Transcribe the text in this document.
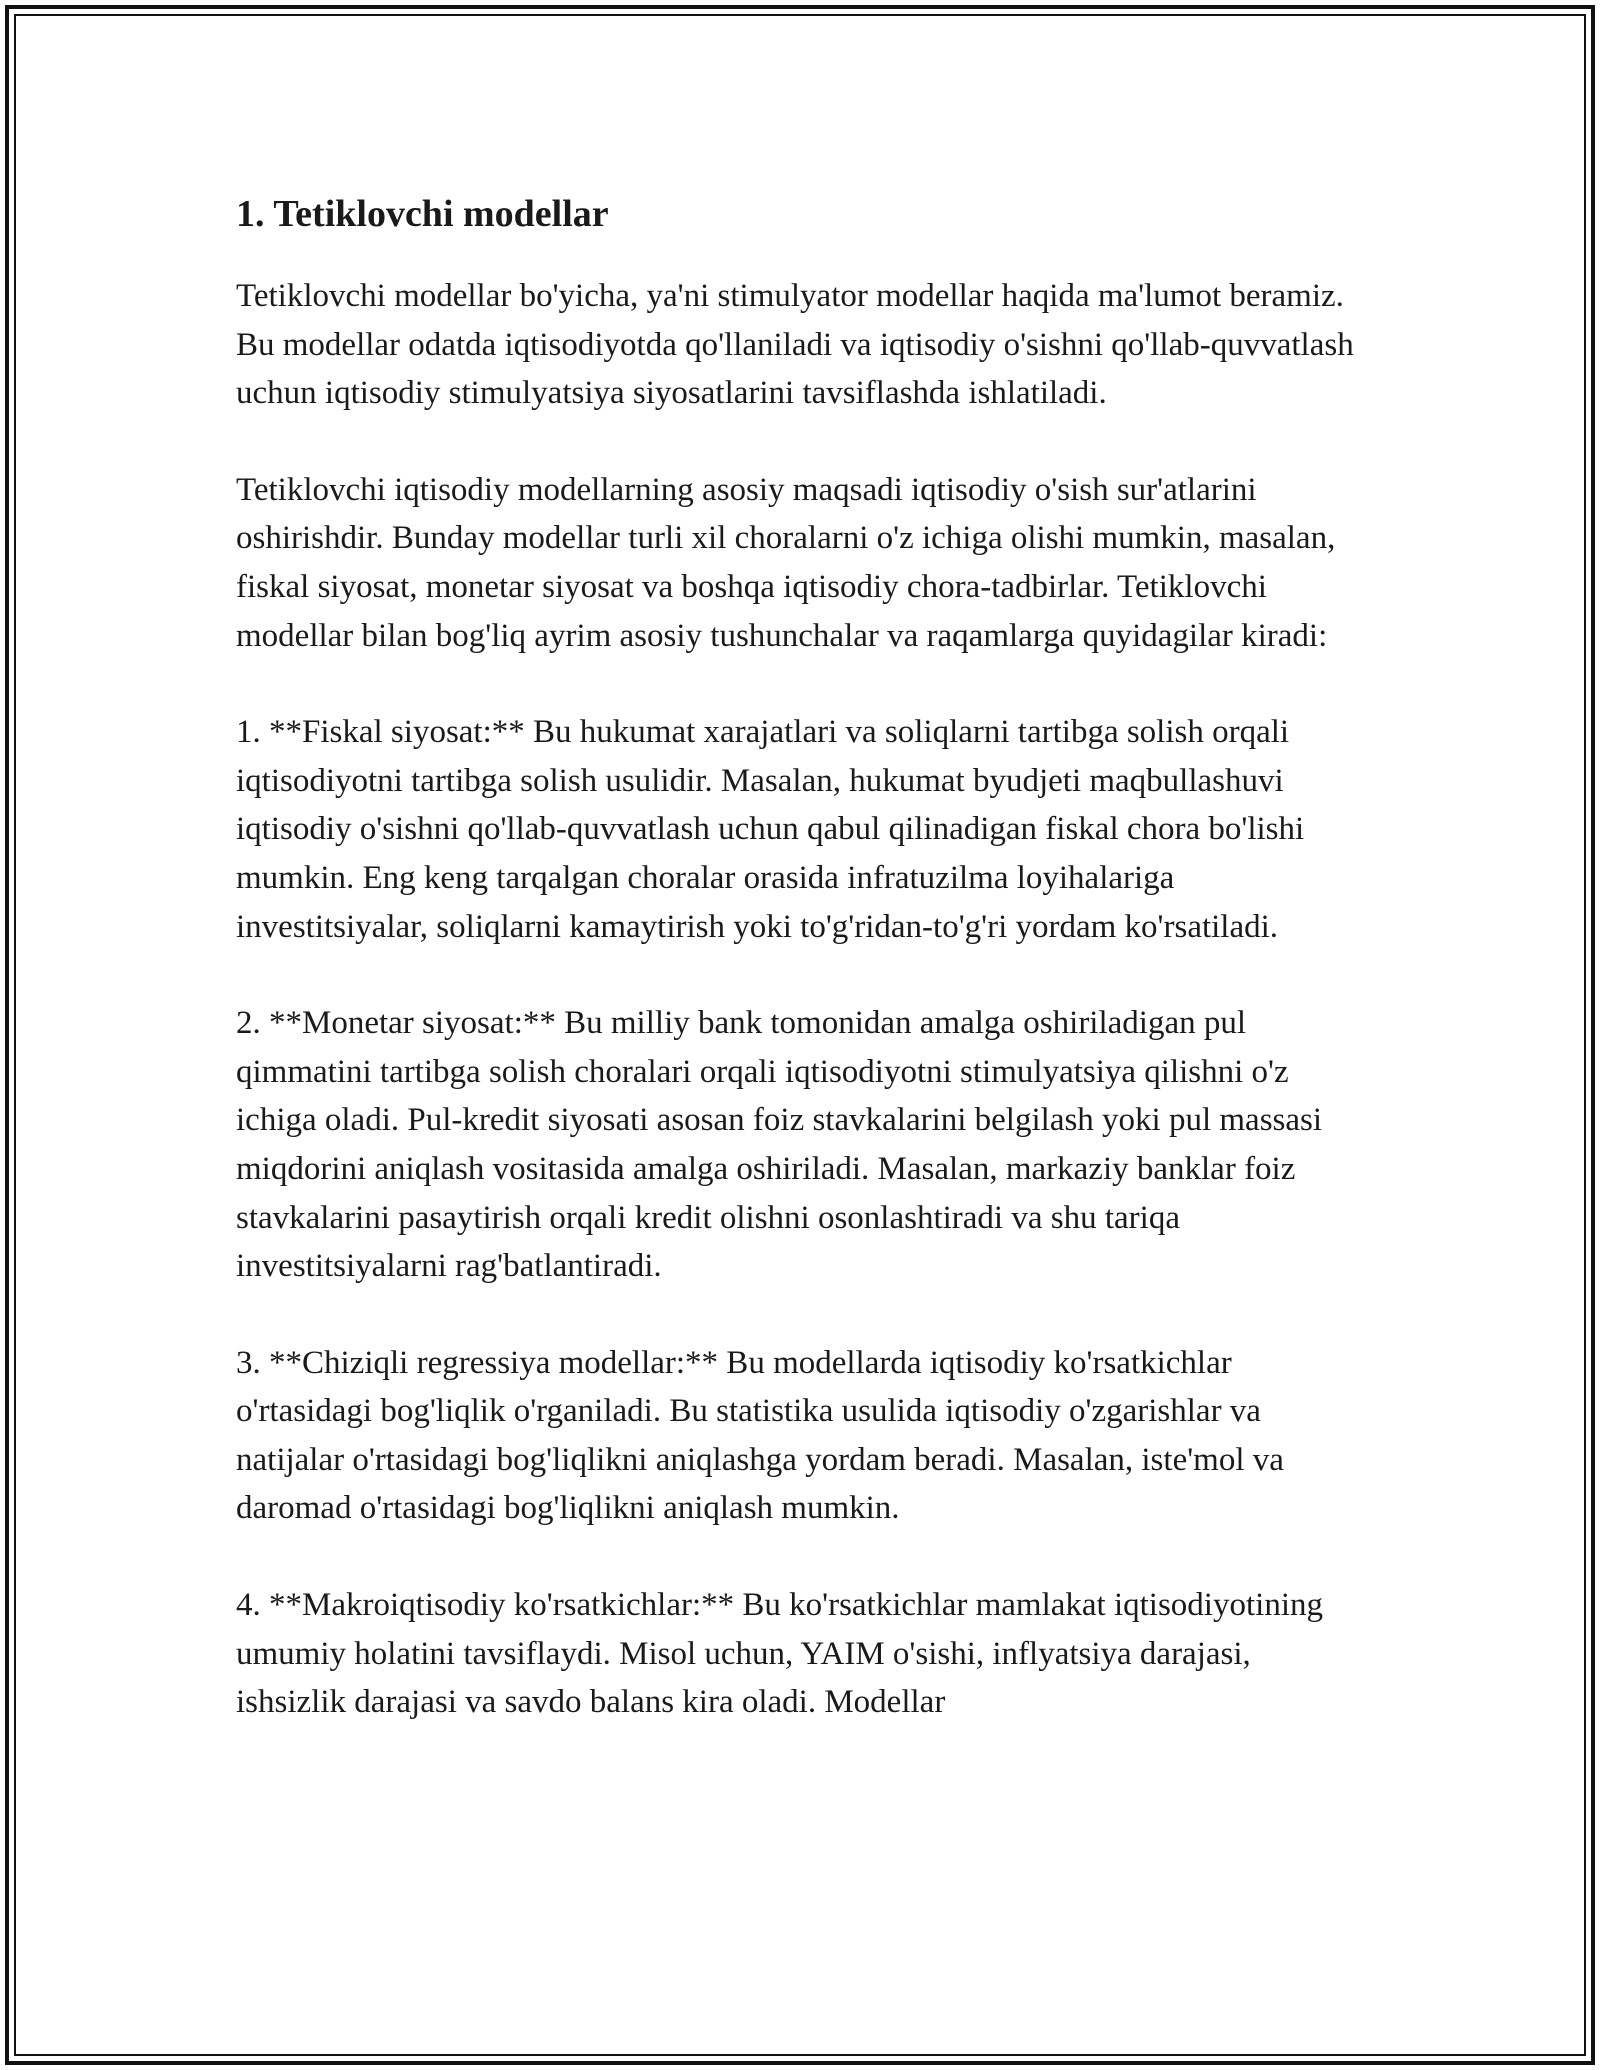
1. Tetiklovchi modellar

Tetiklovchi modellar bo'yicha, ya'ni stimulyator modellar haqida ma'lumot beramiz. Bu modellar odatda iqtisodiyotda qo'llaniladi va iqtisodiy o'sishni qo'llab-quvvatlash uchun iqtisodiy stimulyatsiya siyosatlarini tavsiflashda ishlatiladi.

Tetiklovchi iqtisodiy modellarning asosiy maqsadi iqtisodiy o'sish sur'atlarini oshirishdir. Bunday modellar turli xil choralarni o'z ichiga olishi mumkin, masalan, fiskal siyosat, monetar siyosat va boshqa iqtisodiy chora-tadbirlar. Tetiklovchi modellar bilan bog'liq ayrim asosiy tushunchalar va raqamlarga quyidagilar kiradi:

1. **Fiskal siyosat:** Bu hukumat xarajatlari va soliqlarni tartibga solish orqali iqtisodiyotni tartibga solish usulidir. Masalan, hukumat byudjeti maqbullashuvi iqtisodiy o'sishni qo'llab-quvvatlash uchun qabul qilinadigan fiskal chora bo'lishi mumkin. Eng keng tarqalgan choralar orasida infratuzilma loyihalariga investitsiyalar, soliqlarni kamaytirish yoki to'g'ridan-to'g'ri yordam ko'rsatiladi.

2. **Monetar siyosat:** Bu milliy bank tomonidan amalga oshiriladigan pul qimmatini tartibga solish choralari orqali iqtisodiyotni stimulyatsiya qilishni o'z ichiga oladi. Pul-kredit siyosati asosan foiz stavkalarini belgilash yoki pul massasi miqdorini aniqlash vositasida amalga oshiriladi. Masalan, markaziy banklar foiz stavkalarini pasaytirish orqali kredit olishni osonlashtiradi va shu tariqa investitsiyalarni rag'batlantiradi.

3. **Chiziqli regressiya modellar:** Bu modellarda iqtisodiy ko'rsatkichlar o'rtasidagi bog'liqlik o'rganiladi. Bu statistika usulida iqtisodiy o'zgarishlar va natijalar o'rtasidagi bog'liqlikni aniqlashga yordam beradi. Masalan, iste'mol va daromad o'rtasidagi bog'liqlikni aniqlash mumkin.

4. **Makroiqtisodiy ko'rsatkichlar:** Bu ko'rsatkichlar mamlakat iqtisodiyotining umumiy holatini tavsiflaydi. Misol uchun, YAIM o'sishi, inflyatsiya darajasi, ishsizlik darajasi va savdo balans kira oladi. Modellar
